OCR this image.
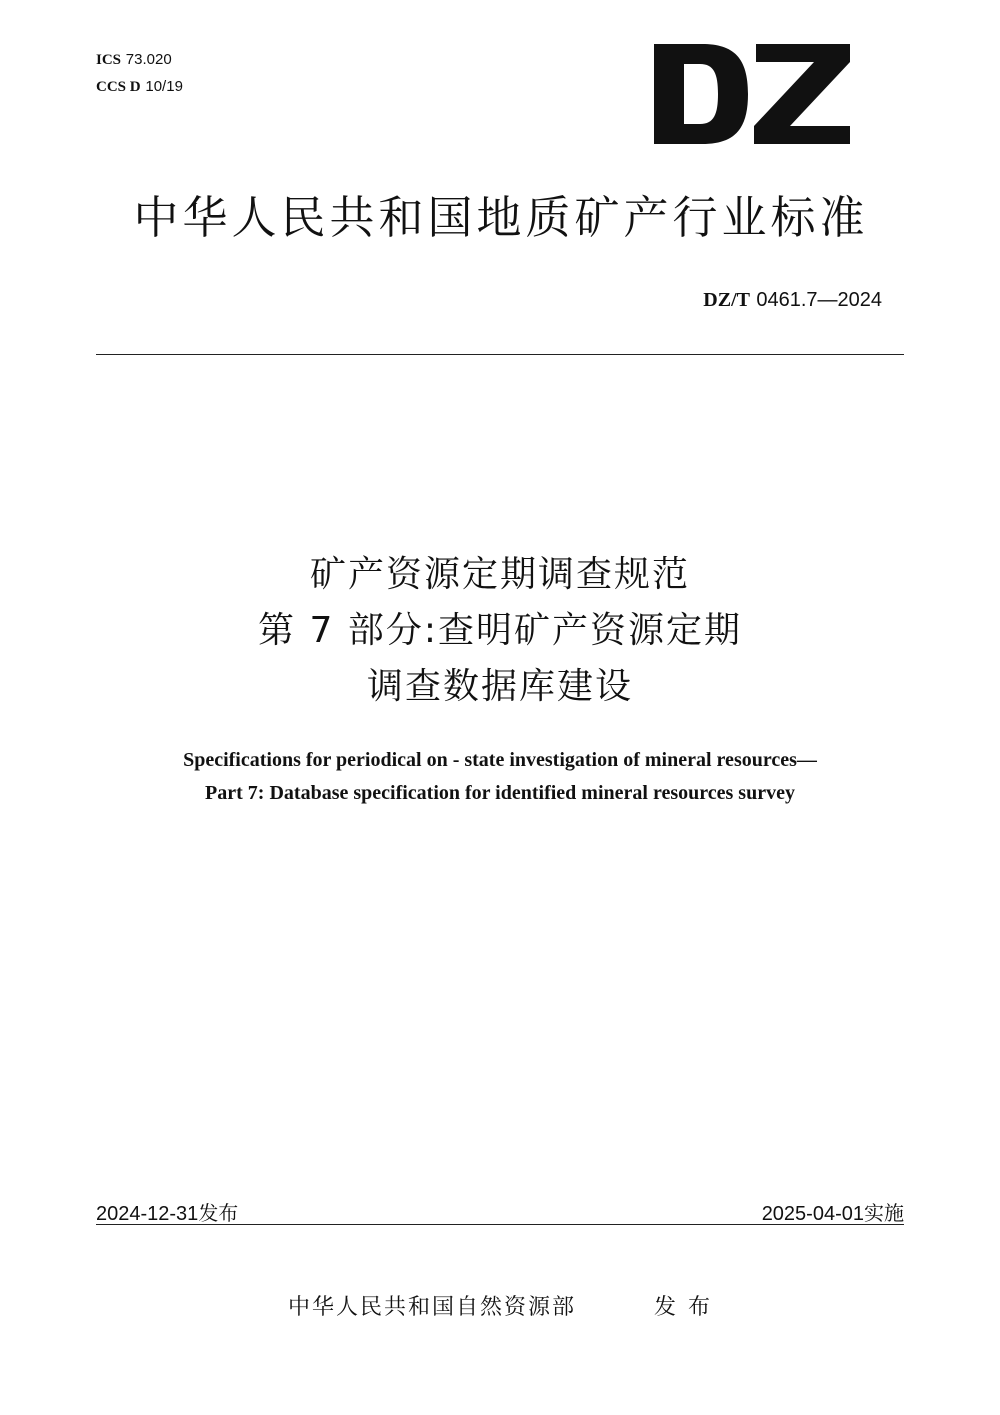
ICS 73.020
CCS D 10/19
中华人民共和国地质矿产行业标准
DZ/T 0461.7—2024
矿产资源定期调查规范
第 7 部分:查明矿产资源定期
调查数据库建设
Specifications for periodical on - state investigation of mineral resources—
Part 7: Database specification for identified mineral resources survey
2024-12-31发布	2025-04-01实施
中华人民共和国自然资源部	发布
